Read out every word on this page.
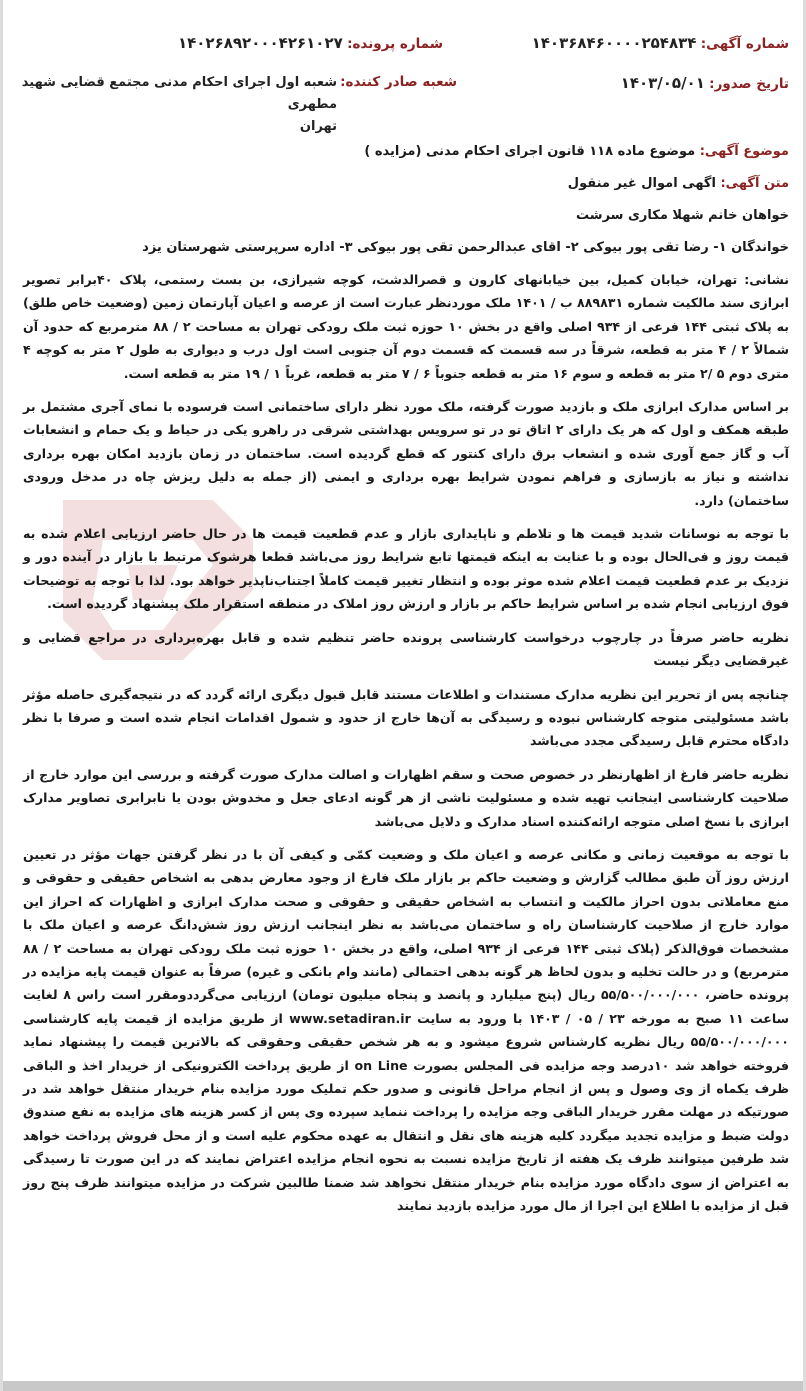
شماره آگهی: ۱۴۰۳۶۸۴۶۰۰۰۰۲۵۴۸۳۴
شماره پرونده: ۱۴۰۲۶۸۹۲۰۰۰۴۲۶۱۰۲۷
تاریخ صدور: ۱۴۰۳/۰۵/۰۱
شعبه صادر کننده:
شعبه اول اجرای احکام مدنی مجتمع قضایی شهید مطهری
تهران

موضوع آگهی: موضوع ماده ۱۱۸ قانون اجرای احکام مدنی (مزایده )

متن آگهی: اگهی اموال غیر منقول

خواهان خانم شهلا مکاری سرشت

خواندگان ۱- رضا تقی پور بیوکی ۲- اقای عبدالرحمن تقی پور بیوکی ۳- اداره سرپرستی شهرستان یزد

نشانی: تهران، خیابان کمیل، بین خیابانهای کارون و قصرالدشت، کوچه شیرازی، بن بست رستمی، پلاک ۴۰برابر تصویر ابرازی سند مالکیت شماره ۸۸۹۸۳۱ ب / ۱۴۰۱ ملک موردنظر عبارت است از عرصه و اعیان آپارتمان زمین (وضعیت خاص طلق) به پلاک ثبتی ۱۴۴ فرعی از ۹۳۴ اصلی واقع در بخش ۱۰ حوزه ثبت ملک رودکی تهران به مساحت ۲ / ۸۸ مترمربع که حدود آن شمالاً ۲ / ۴ متر به قطعه، شرقاً در سه قسمت که قسمت دوم آن جنوبی است اول درب و دیواری به طول ۲ متر به کوچه ۴ متری دوم ۵ /۲ متر به قطعه و سوم ۱۶ متر به قطعه جنوباً ۶ / ۷ متر به قطعه، غرباً ۱ / ۱۹ متر به قطعه است.

بر اساس مدارک ابرازی ملک و بازدید صورت گرفته، ملک مورد نظر دارای ساختمانی است فرسوده با نمای آجری مشتمل بر طبقه همکف و اول که هر یک دارای ۲ اتاق تو در تو سرویس بهداشتی شرقی در راهرو یکی در حیاط و یک حمام و انشعابات آب و گاز جمع آوری شده و انشعاب برق دارای کنتور که قطع گردیده است. ساختمان در زمان بازدید امکان بهره برداری نداشته و نیاز به بازسازی و فراهم نمودن شرایط بهره برداری و ایمنی (از جمله به دلیل ریزش چاه در مدخل ورودی ساختمان) دارد.

با توجه به نوسانات شدید قیمت ها و تلاطم و ناپایداری بازار و عدم قطعیت قیمت ها در حال حاضر ارزیابی اعلام شده به قیمت روز و فی‌الحال بوده و با عنایت به اینکه قیمتها تابع شرایط روز می‌باشد قطعا هرشوک مرتبط با بازار در آینده دور و نزدیک بر عدم قطعیت قیمت اعلام شده موثر بوده و انتظار تغییر قیمت کاملاً اجتناب‌ناپذیر خواهد بود. لذا با توجه به توضیحات فوق ارزیابی انجام شده بر اساس شرایط حاکم بر بازار و ارزش روز املاک در منطقه استقرار ملک پیشنهاد گردیده است.

نظریه حاضر صرفاً در چارچوب درخواست کارشناسی پرونده حاضر تنظیم شده و قابل بهره‌برداری در مراجع قضایی و غیرقضایی دیگر نیست

چنانچه پس از تحریر این نظریه مدارک مستندات و اطلاعات مستند قابل قبول دیگری ارائه گردد که در نتیجه‌گیری حاصله مؤثر باشد مسئولیتی متوجه کارشناس نبوده و رسیدگی به آن‌ها خارج از حدود و شمول اقدامات انجام شده است و صرفا با نظر دادگاه محترم قابل رسیدگی مجدد می‌باشد

نظریه حاضر فارغ از اظهارنظر در خصوص صحت و سقم اظهارات و اصالت مدارک صورت گرفته و بررسی این موارد خارج از صلاحیت کارشناسی اینجانب تهیه شده و مسئولیت ناشی از هر گونه ادعای جعل و مخدوش بودن یا نابرابری تصاویر مدارک ابرازی با نسخ اصلی متوجه ارائه‌کننده اسناد مدارک و دلایل می‌باشد

با توجه به موقعیت زمانی و مکانی عرصه و اعیان ملک و وضعیت کمّی و کیفی آن با در نظر گرفتن جهات مؤثر در تعیین ارزش روز آن طبق مطالب گزارش و وضعیت حاکم بر بازار ملک فارغ از وجود معارض بدهی به اشخاص حقیقی و حقوقی و منع معاملاتی بدون احراز مالکیت و انتساب به اشخاص حقیقی و حقوقی و صحت مدارک ابرازی و اظهارات که احراز این موارد خارج از صلاحیت کارشناسان راه و ساختمان می‌باشد به نظر اینجانب ارزش روز شش‌دانگ عرصه و اعیان ملک با مشخصات فوق‌الذکر (پلاک ثبتی ۱۴۴ فرعی از ۹۳۴ اصلی، واقع در بخش ۱۰ حوزه ثبت ملک رودکی تهران به مساحت ۲ / ۸۸ مترمربع) و در حالت تخلیه و بدون لحاظ هر گونه بدهی احتمالی (مانند وام بانکی و غیره) صرفاً به عنوان قیمت پایه مزایده در پرونده حاضر، ۵۵/۵۰۰/۰۰۰/۰۰۰ ریال (پنج میلیارد و پانصد و پنجاه میلیون تومان) ارزیابی می‌گرددومقرر است راس ۸ لغایت ساعت ۱۱ صبح به مورخه ۲۳ / ۰۵ / ۱۴۰۳ با ورود به سایت www.setadiran.ir از طریق مزایده از قیمت پایه کارشناسی ۵۵/۵۰۰/۰۰۰/۰۰۰ ریال نظریه کارشناس شروع میشود و به هر شخص حقیقی وحقوقی که بالاترین قیمت را پیشنهاد نماید فروخته خواهد شد ۱۰درصد وجه مزایده فی المجلس بصورت on Line از طریق پرداخت الکترونیکی از خریدار اخذ و الباقی ظرف یکماه از وی وصول و پس از انجام مراحل قانونی و صدور حکم تملیک مورد مزایده بنام خریدار منتقل خواهد شد در صورتیکه در مهلت مقرر خریدار الباقی وجه مزایده را پرداخت ننماید سپرده وی پس از کسر هزینه های مزایده به نفع صندوق دولت ضبط و مزایده تجدید میگردد کلیه هزینه های نقل و انتقال به عهده محکوم علیه است و از محل فروش پرداخت خواهد شد طرفین میتوانند ظرف یک هفته از تاریخ مزایده نسبت به نحوه انجام مزایده اعتراض نمایند که در این صورت تا رسیدگی به اعتراض از سوی دادگاه مورد مزایده بنام خریدار منتقل نخواهد شد ضمنا طالبین شرکت در مزایده میتوانند ظرف پنج روز قبل از مزایده با اطلاع این اجرا از مال مورد مزایده بازدید نمایند
